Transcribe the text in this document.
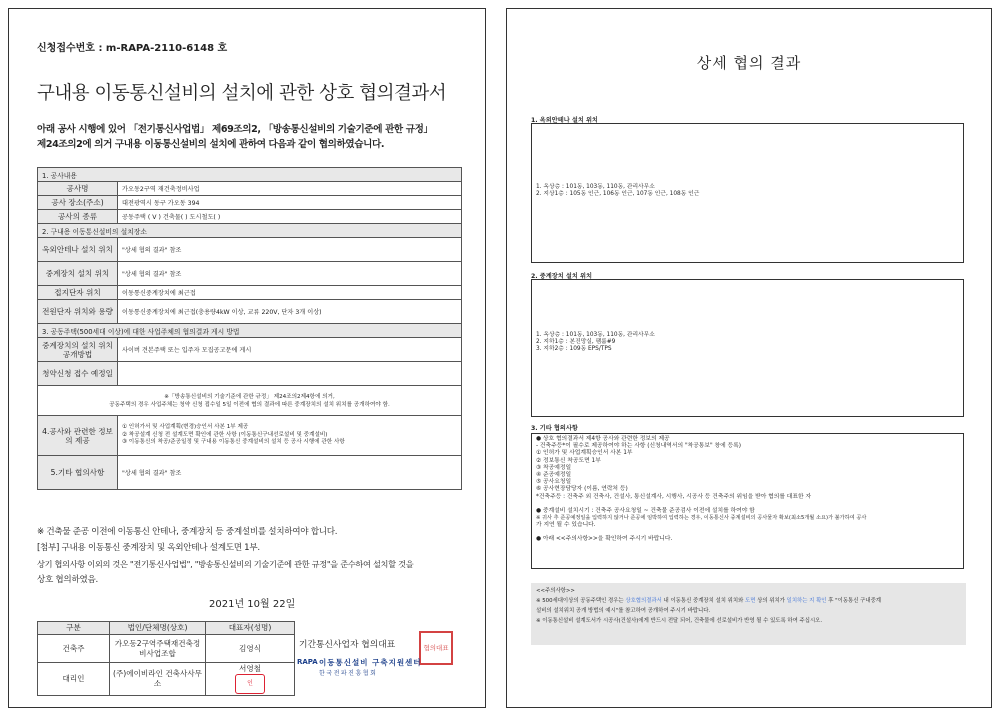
신청접수번호 : m-RAPA-2110-6148 호
구내용 이동통신설비의 설치에 관한 상호 협의결과서
아래 공사 시행에 있어 「전기통신사업법」 제69조의2, 「방송통신설비의 기술기준에 관한 규정」
제24조의2에 의거 구내용 이동통신설비의 설치에 관하여 다음과 같이 협의하였습니다.
1. 공사내용	
공사명	가오동2구역 재건축정비사업
공사 장소(주소)	대전광역시 동구 가오동 394
공사의 종류	공동주택 ( V ) 건축물( ) 도시철도( )
2. 구내용 이동통신설비의 설치장소	
옥외안테나 설치 위치	"상세 협의 결과" 참조
중계장치 설치 위치	"상세 협의 결과" 참조
접지단자 위치	이동통신중계장치에 최근접
전원단자 위치와 용량	이동통신중계장치에 최근접(충용량4kW 이상, 교류 220V, 단자 3개 이상)
3. 공동주택(500세대 이상)에 대한 사업주체의 협의결과 게시 방법	
중계장치의 설치 위치 공개방법	사이버 견본주택 또는 입주자 모집공고문에 게시
청약신청 접수 예정일	

※「방송통신설비의 기술기준에 관한 규정」 제24조의2제4항에 의거,
공동주택의 경우 사업주체는 청약 신청 접수일 5일 이전에 협의 결과에 따른 중계장치의 설치 위치를 공개하여야 함.	

4.공사와 관련한 정보의 제공	① 인허가서 및 사업계획(변경)승인서 사본 1부 제공
② 착공설계 신청 전 설계도면 확인에 관한 사항 (이동통신구내선로설비 및 중계설비)
③ 이동통신의 착공/준공일정 및 구내용 이동통신 중계설비의 설치 등 공사 시행에 관한 사항

5.기타 협의사항	"상세 협의 결과" 참조
※ 건축물 준공 이전에 이동통신 안테나, 중계장치 등 중계설비를 설치하여야 합니다.
[첨부] 구내용 이동통신 중계장치 및 옥외안테나 설계도면 1부.
상기 협의사항 이외의 것은 "전기통신사업법", "방송통신설비의 기술기준에 관한 규정"을 준수하여 설치할 것을
상호 협의하였음.
2021년 10월 22일
구분	법인/단체명(상호)	대표자(성명)
건축주	가오동2구역주택재건축정비사업조합	김영식
대리인	(주)에이비라인 건축사사무소	서영철
인
기간통신사업자 협의대표	협의대표
RAPA 이동통신설비 구축지원센터
한국전파진흥협회
상세 협의 결과
1. 옥외안테나 설치 위치
1. 옥상층 : 101동, 103동, 110동, 관리사무소
2. 지상1층 : 105동 인근, 106동 인근, 107동 인근, 108동 인근
2. 중계장치 설치 위치
1. 옥상층 : 101동, 103동, 110동, 관리사무소
2. 지하1층 : 본진망실, 팸룸#9
3. 지하2층 : 109동 EPS/TPS
3. 기타 협의사항
● 상호 협의결과서 제4항 공사와 관련한 정보의 제공
- 건축주등*이 필수로 제공하여야 하는 사항 (신청내역서의 "착공통보" 창에 등록)
① 인허가 및 사업계획승인서 사본 1부
② 정보통신 착공도면 1부
③ 착공예정일
④ 준공예정일
⑤ 공사요청일
⑥ 공사현장담당자 (이름, 연락처 등)
*건축주등 : 건축주 외 건축사, 건설사, 통신설계사, 시행사, 시공사 등 건축주의 위임을 받아 협의를 대표한 자
● 중계설비 설치시기 : 건축주 공사요청일 ~ 건축물 준공검사 이전에 설치를 하여야 함
※ 귀사 추 준공예정일을 입력하지 않거나 준공에 임박하여 입력하는 경우, 이동통신사 중계설비의 공사물자 확보(최소5개월 소요)가 불가하여 공사
가 지연 될 수 있습니다.
● 아래 <<주의사항>>을 확인하여 주시기 바랍니다.
<<주의사항>>
※ 500세대이상의 공동주택인 경우는 상호협의결과서 내 이동통신 중계장치 설치 위치와 도면 상의 위치가 일치하는 지 확인 후 "이동통신 구내중계
설비의 설치위치 공개 방법의 예시"를 참고하여 공개하여 주시기 바랍니다.
※ 이동통신설비 설계도서가 시공사(건설사)에게 반드시 전달 되어, 건축물에 선로설비가 반영 될 수 있도록 하여 주십시오.
